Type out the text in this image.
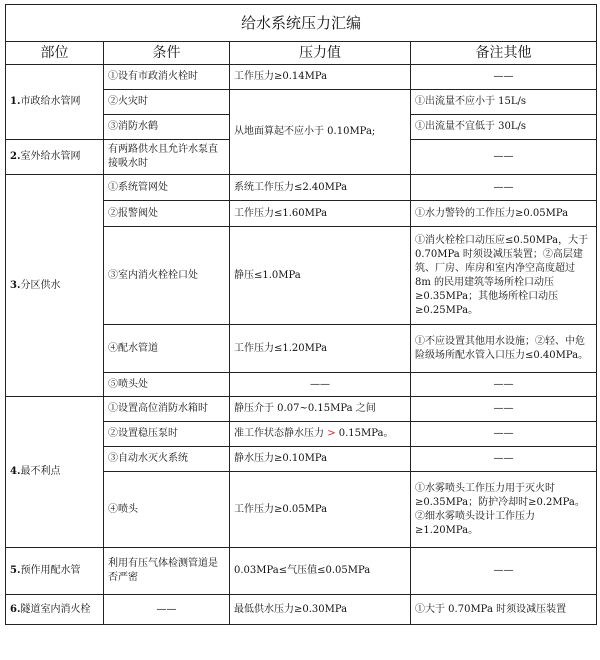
给水系统压力汇编			
部位	条件	压力值	备注其他
1.市政给水管网	①设有市政消火栓时	工作压力≥0.14MPa	——
	②火灾时	从地面算起不应小于 0.10MPa;	①出流量不应小于 15L/s
	③消防水鹤		①出流量不宜低于 30L/s
2.室外给水管网	有两路供水且允许水泵直接吸水时		——
3.分区供水	①系统管网处	系统工作压力≤2.40MPa	——
	②报警阀处	工作压力≤1.60MPa	①水力警铃的工作压力≥0.05MPa
	③室内消火栓栓口处	静压≤1.0MPa	①消火栓栓口动压应≤0.50MPa，大于 0.70MPa 时须设减压装置；②高层建筑、厂房、库房和室内净空高度超过 8m 的民用建筑等场所栓口动压≥0.35MPa；其他场所栓口动压≥0.25MPa。
	④配水管道	工作压力≤1.20MPa	①不应设置其他用水设施；②轻、中危险级场所配水管入口压力≤0.40MPa。
	⑤喷头处	——	——
4.最不利点	①设置高位消防水箱时	静压介于 0.07~0.15MPa 之间	——
	②设置稳压泵时	准工作状态静水压力 > 0.15MPa。	——
	③自动水灭火系统	静水压力≥0.10MPa	——
	④喷头	工作压力≥0.05MPa	①水雾喷头工作压力用于灭火时≥0.35MPa；防护冷却时≥0.2MPa。②细水雾喷头设计工作压力≥1.20MPa。
5.预作用配水管	利用有压气体检测管道是否严密	0.03MPa≤气压值≤0.05MPa	——
6.隧道室内消火栓	——	最低供水压力≥0.30MPa	①大于 0.70MPa 时须设减压装置
